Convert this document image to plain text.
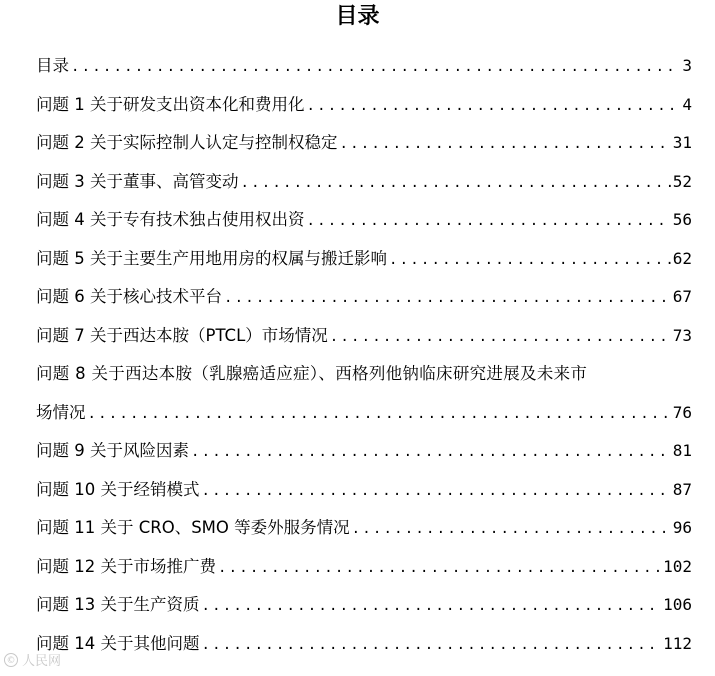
目录
目录 .....	3
问题 1 关于研发支出资本化和费用化 .....	4
问题 2 关于实际控制人认定与控制权稳定 .....	31
问题 3 关于董事、高管变动 .....	52
问题 4 关于专有技术独占使用权出资 .....	56
问题 5 关于主要生产用地用房的权属与搬迁影响 .....	62
问题 6 关于核心技术平台 .....	67
问题 7 关于西达本胺（PTCL）市场情况 .....	73
问题 8 关于西达本胺（乳腺癌适应症）、西格列他钠临床研究进展及未来市
场情况 .....	76
问题 9 关于风险因素 .....	81
问题 10 关于经销模式 .....	87
问题 11 关于 CRO、SMO 等委外服务情况 .....	96
问题 12 关于市场推广费 .....	102
问题 13 关于生产资质 .....	106
问题 14 关于其他问题 .....	112
© 人民网
